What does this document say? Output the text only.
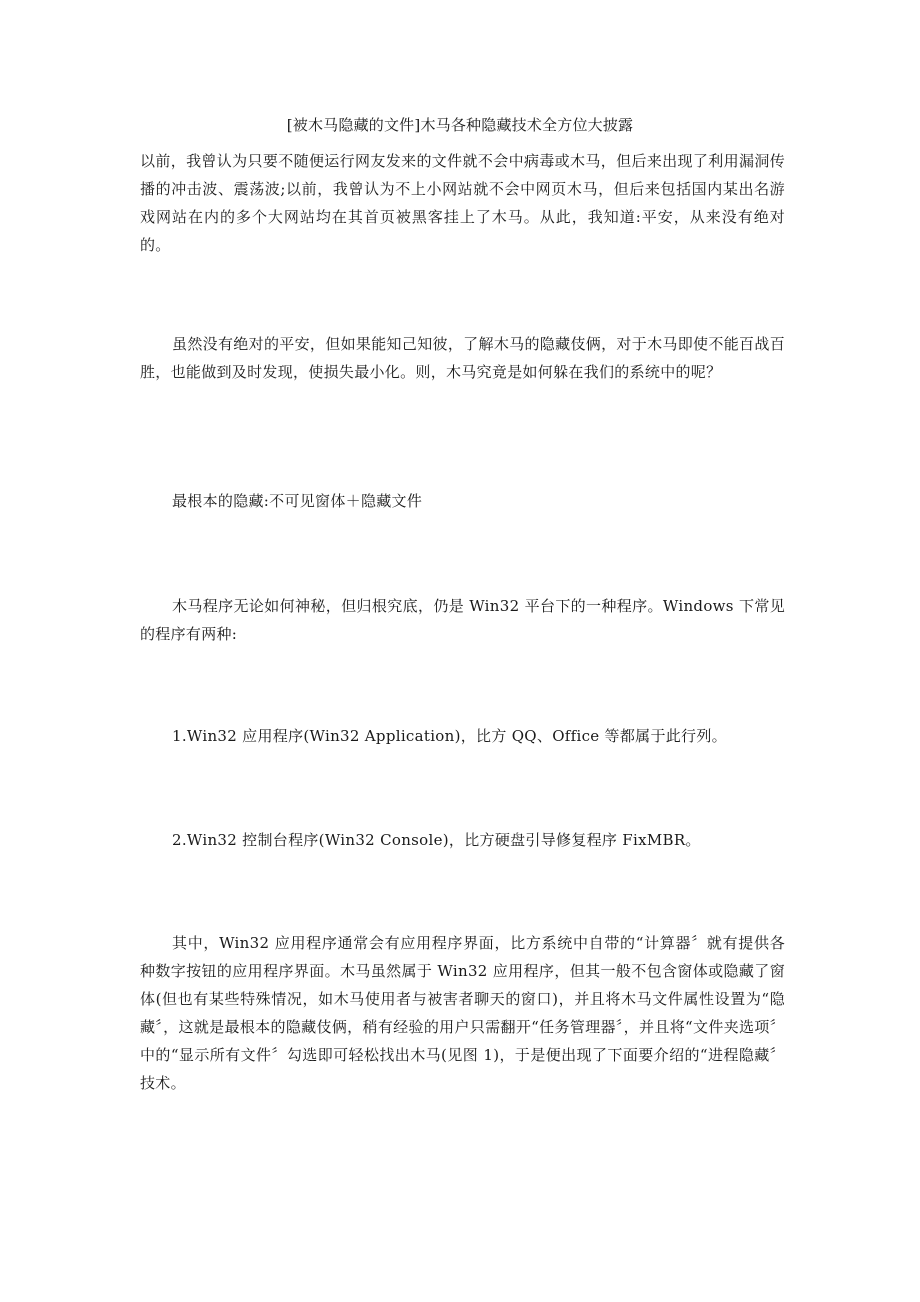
[被木马隐藏的文件]木马各种隐藏技术全方位大披露
以前，我曾认为只要不随便运行网友发来的文件就不会中病毒或木马，但后来出现了利用漏洞传播的冲击波、震荡波;以前，我曾认为不上小网站就不会中网页木马，但后来包括国内某出名游戏网站在内的多个大网站均在其首页被黑客挂上了木马。从此，我知道:平安，从来没有绝对的。
虽然没有绝对的平安，但如果能知己知彼，了解木马的隐藏伎俩，对于木马即使不能百战百胜，也能做到及时发现，使损失最小化。则，木马究竟是如何躲在我们的系统中的呢？
最根本的隐藏:不可见窗体＋隐藏文件
木马程序无论如何神秘，但归根究底，仍是 Win32 平台下的一种程序。Windows 下常见的程序有两种:
1.Win32 应用程序(Win32 Application)，比方 QQ、Office 等都属于此行列。
2.Win32 控制台程序(Win32 Console)，比方硬盘引导修复程序 FixMBR。
其中，Win32 应用程序通常会有应用程序界面，比方系统中自带的“计算器〞就有提供各种数字按钮的应用程序界面。木马虽然属于 Win32 应用程序，但其一般不包含窗体或隐藏了窗体(但也有某些特殊情况，如木马使用者与被害者聊天的窗口)，并且将木马文件属性设置为“隐藏〞，这就是最根本的隐藏伎俩，稍有经验的用户只需翻开“任务管理器〞，并且将“文件夹选项〞中的“显示所有文件〞勾选即可轻松找出木马(见图 1)，于是便出现了下面要介绍的“进程隐藏〞技术。
